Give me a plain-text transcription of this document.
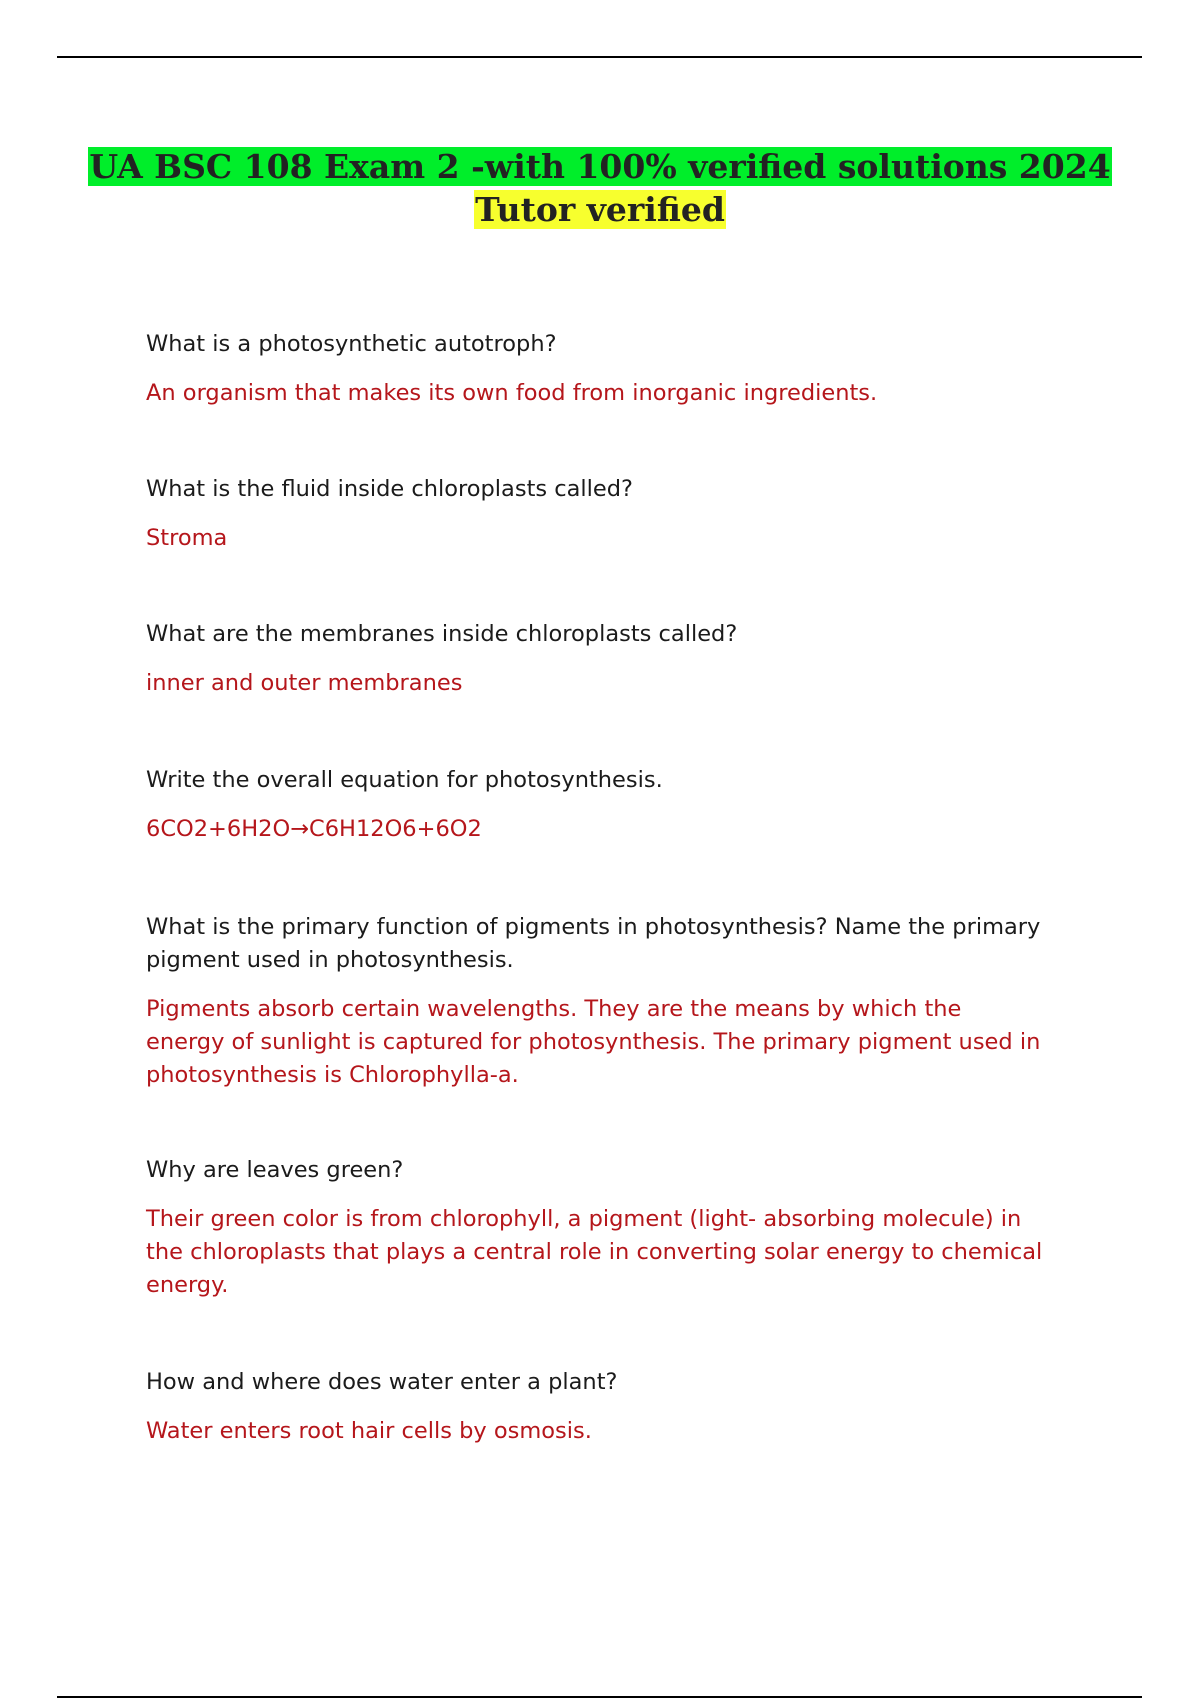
UA BSC 108 Exam 2 -with 100% verified solutions 2024
Tutor verified

What is a photosynthetic autotroph?

An organism that makes its own food from inorganic ingredients.

What is the fluid inside chloroplasts called?

Stroma

What are the membranes inside chloroplasts called?

inner and outer membranes

Write the overall equation for photosynthesis.

6CO2+6H2O→C6H12O6+6O2

What is the primary function of pigments in photosynthesis? Name the primary pigment used in photosynthesis.

Pigments absorb certain wavelengths. They are the means by which the energy of sunlight is captured for photosynthesis. The primary pigment used in photosynthesis is Chlorophylla-a.

Why are leaves green?

Their green color is from chlorophyll, a pigment (light- absorbing molecule) in the chloroplasts that plays a central role in converting solar energy to chemical energy.

How and where does water enter a plant?

Water enters root hair cells by osmosis.
